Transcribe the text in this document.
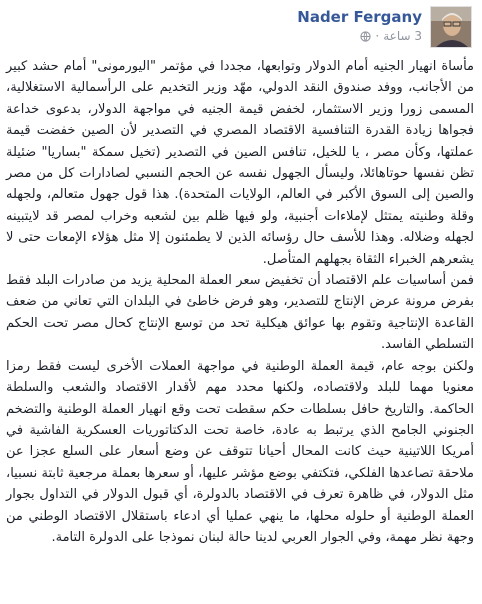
Nader Fergany
3 ساعة
·

مأساة انهيار الجنيه أمام الدولار وتوابعها، مجددا في مؤتمر "اليورمونى" أمام حشد كبير من الأجانب، ووفد صندوق النقد الدولي، مهّد وزير التخديم على الرأسمالية الاستغلالية، المسمى زورا وزير الاستثمار، لخفض قيمة الجنيه في مواجهة الدولار، بدعوى خداعة فجواها زيادة القدرة التنافسية الاقتصاد المصري في التصدير لأن الصين خفضت قيمة عملتها، وكأن مصر ، يا للخيل، تنافس الصين في التصدير (تخيل سمكة "بساريا" ضئيلة تظن نفسها حوتاهائلا، وليسأل الجهول نفسه عن الحجم النسبي لصادارات كل من مصر والصين إلى السوق الأكبر في العالم، الولايات المتحدة). هذا قول جهول متعالم، ولجهله وقلة وطنيته يمتثل لإملاءات أجنبية، ولو فيها ظلم بين لشعبه وخراب لمصر قد لايتبينه لجهله وضلاله. وهذا للأسف حال رؤسائه الذين لا يطمئنون إلا مثل هؤلاء الإمعات حتى لا يشعرهم الخبراء الثقاة بجهلهم المتأصل.

فمن أساسيات علم الاقتصاد أن تخفيض سعر العملة المحلية يزيد من صادرات البلد فقط بفرض مرونة عرض الإنتاج للتصدير، وهو فرض خاطئ في البلدان التي تعاني من ضعف القاعدة الإنتاجية وتقوم بها عوائق هيكلية تحد من توسع الإنتاج كحال مصر تحت الحكم التسلطي الفاسد.

ولكنن بوجه عام، قيمة العملة الوطنية في مواجهة العملات الأخرى ليست فقط رمزا معنويا مهما للبلد ولاقتصاده، ولكنها محدد مهم لأقدار الاقتصاد والشعب والسلطة الحاكمة. والتاريخ حافل بسلطات حكم سقطت تحت وقع انهيار العملة الوطنية والتضخم الجنوني الجامح الذي يرتبط به عادة، خاصة تحت الدكتاتوريات العسكرية الفاشية في أمريكا اللاتينية حيث كانت المحال أحيانا تتوقف عن وضع أسعار على السلع عجزا عن ملاحقة تصاعدها الفلكي، فتكتفي بوضع مؤشر عليها، أو سعرها بعملة مرجعية ثابتة نسبيا، مثل الدولار، في ظاهرة تعرف في الاقتصاد بالدولرة، أي قبول الدولار في التداول بجوار العملة الوطنية أو حلوله محلها، ما ينهي عمليا أي ادعاء باستقلال الاقتصاد الوطني من وجهة نظر مهمة، وفي الجوار العربي لدينا حالة لبنان نموذجا على الدولرة التامة.
